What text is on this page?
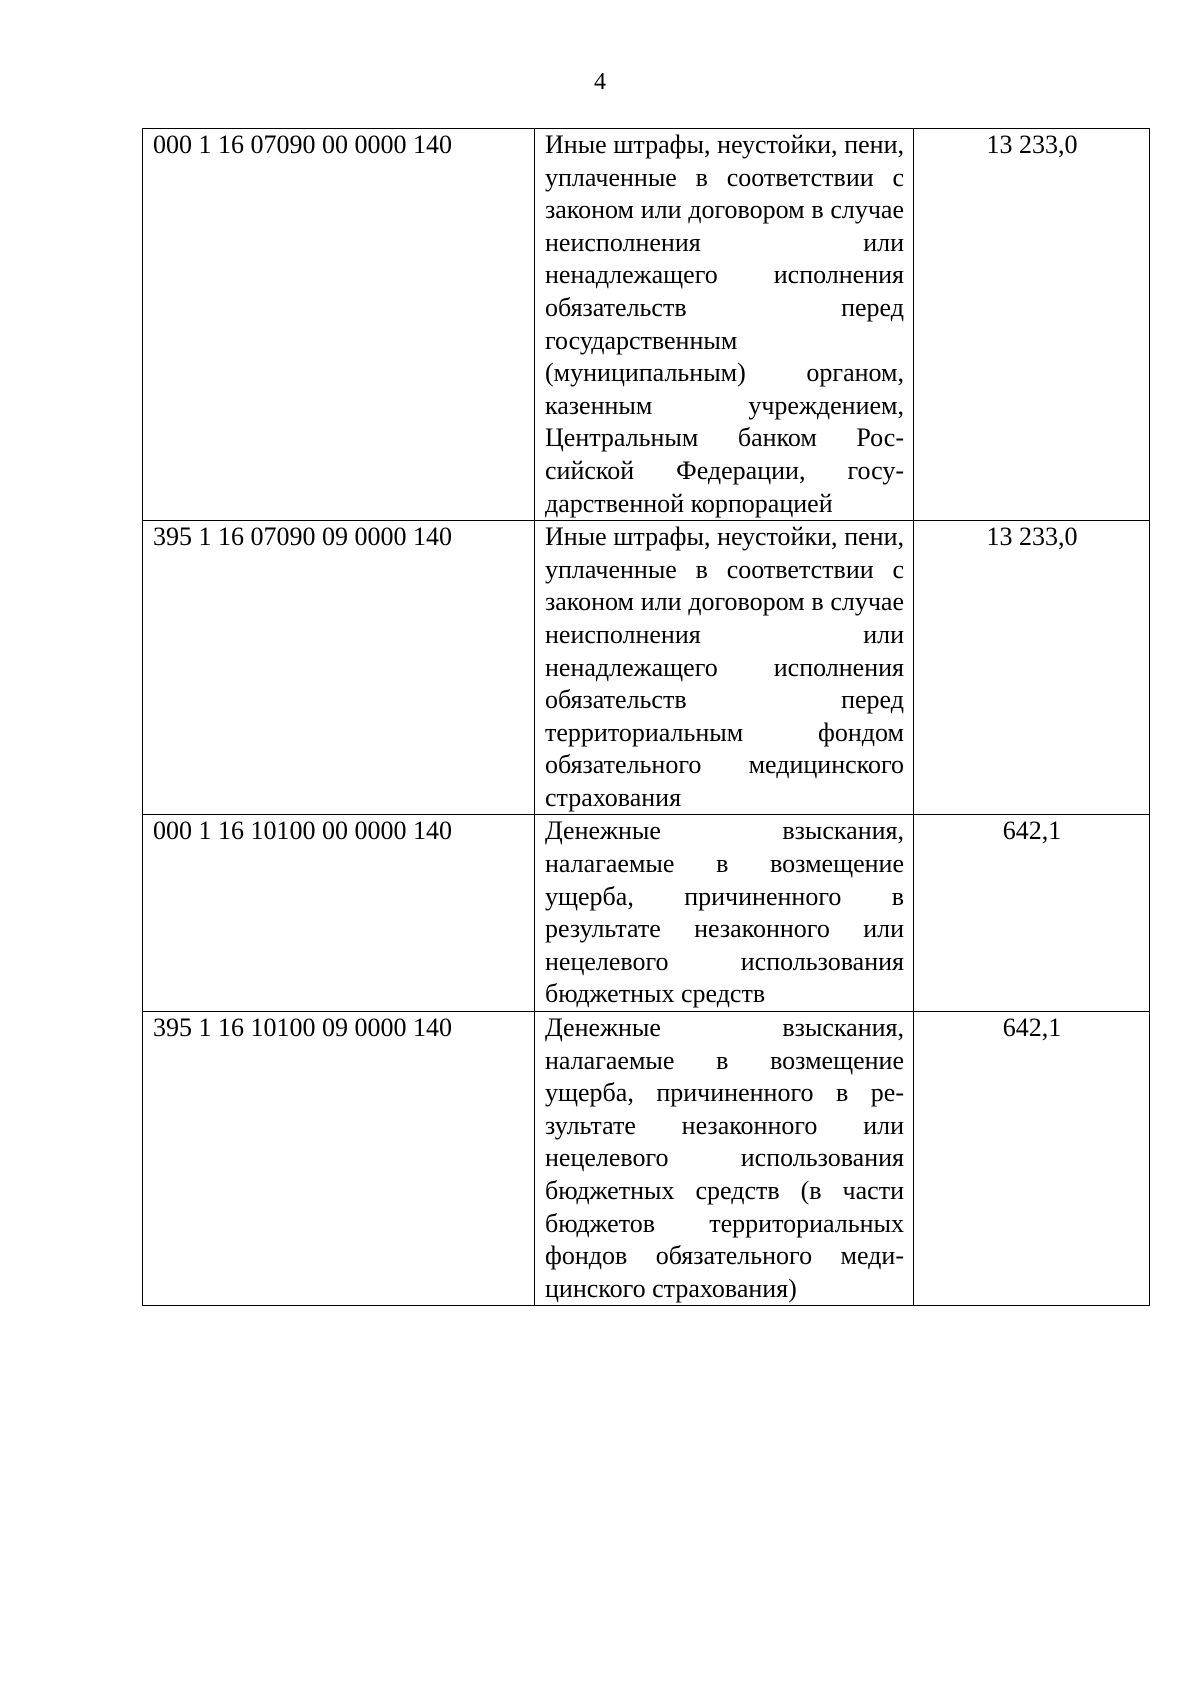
4
000 1 16 07090 00 0000 140	Иные штрафы, неустойки, пени, уплаченные в соответствии с законом или договором в случае неисполнения или ненадлежащего исполнения обязательств перед государственным (муниципальным) органом, казенным учреждением, Центральным банком Российской Федерации, государственной корпорацией	13 233,0
395 1 16 07090 09 0000 140	Иные штрафы, неустойки, пени, уплаченные в соответствии с законом или договором в случае неисполнения или ненадлежащего исполнения обязательств перед территориальным фондом обязательного медицинского страхования	13 233,0
000 1 16 10100 00 0000 140	Денежные взыскания, налагаемые в возмещение ущерба, причиненного в результате незаконного или нецелевого использования бюджетных средств	642,1
395 1 16 10100 09 0000 140	Денежные взыскания, налагаемые в возмещение ущерба, причиненного в результате незаконного или нецелевого использования бюджетных средств (в части бюджетов территориальных фондов обязательного медицинского страхования)	642,1
